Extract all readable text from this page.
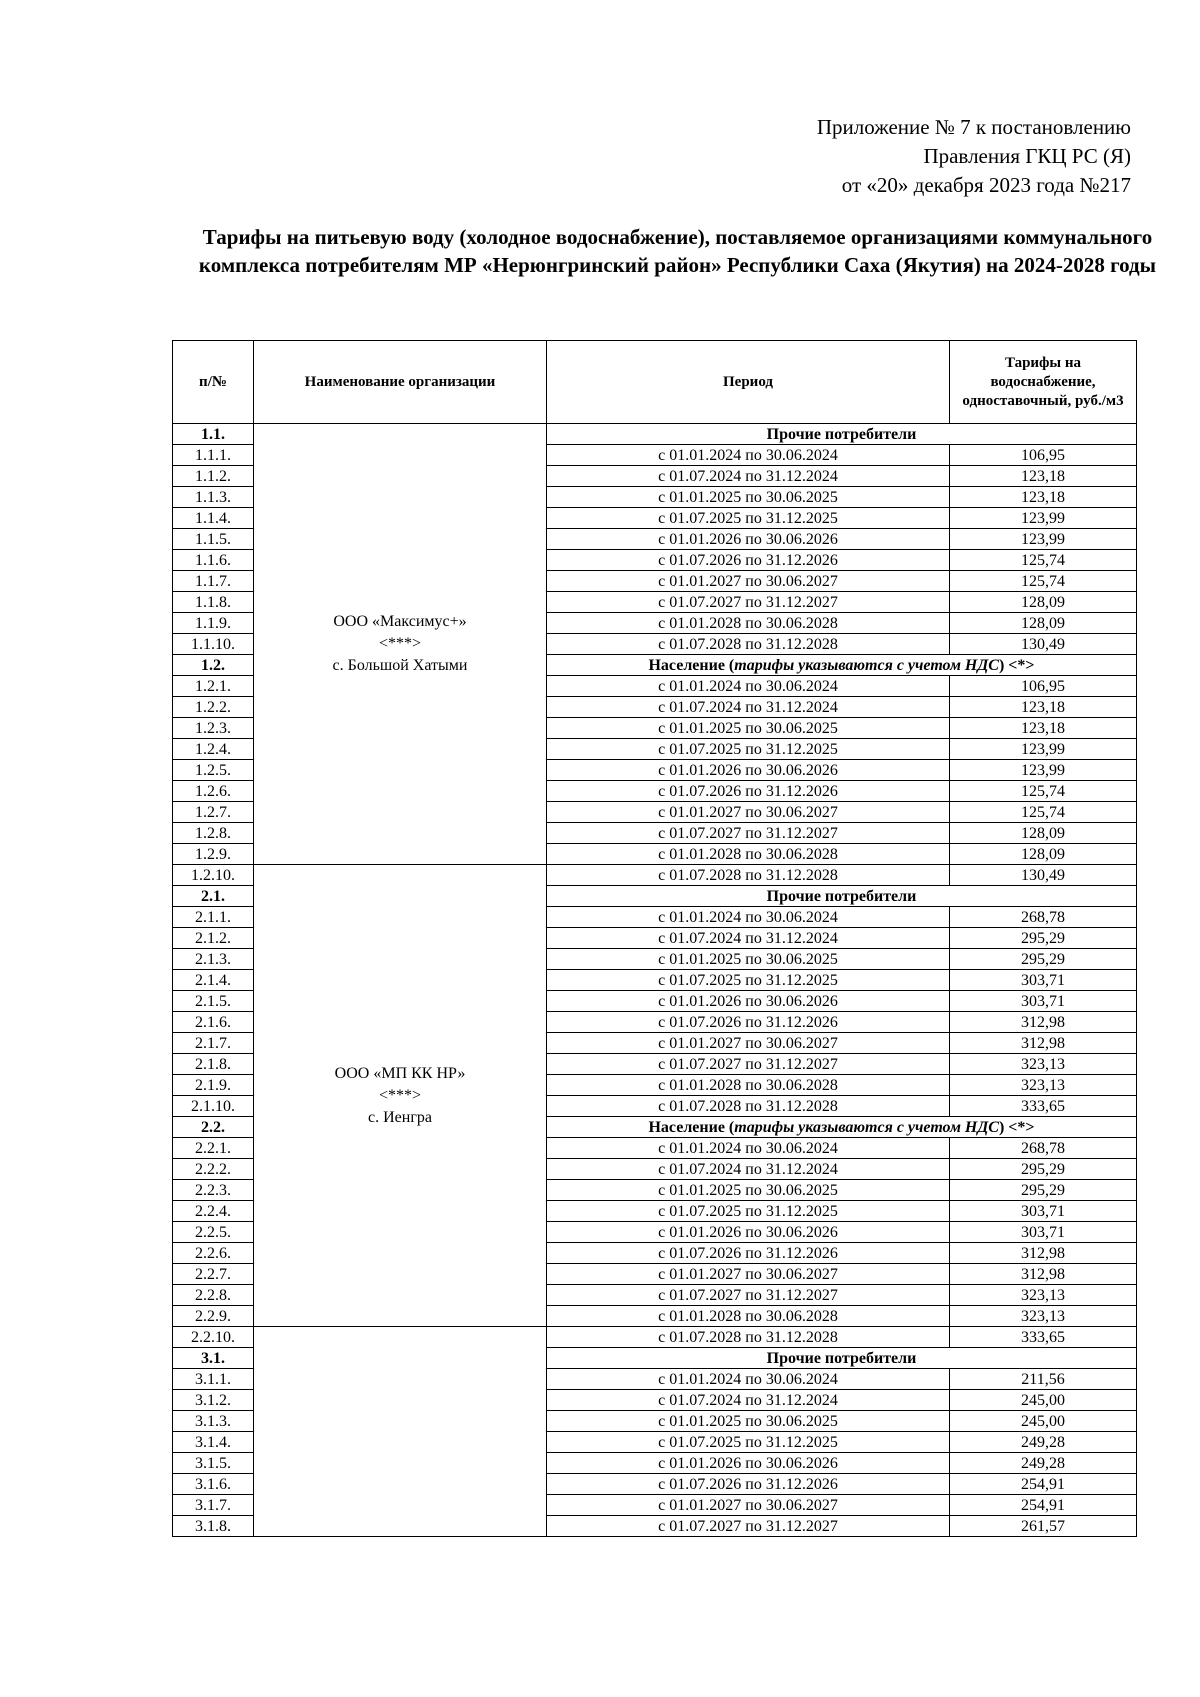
Приложение № 7 к постановлению
Правления ГКЦ РС (Я)
от «20» декабря 2023 года №217
Тарифы на питьевую воду (холодное водоснабжение), поставляемое организациями коммунального комплекса потребителям МР «Нерюнгринский район» Республики Саха (Якутия) на 2024-2028 годы
п/№	Наименование организации	Период	Тарифы на водоснабжение, одноставочный, руб./м3
1.1.	ООО «Максимус+»
<***>
с. Большой Хатыми	Прочие потребители	
1.1.1.		с 01.01.2024 по 30.06.2024	106,95
1.1.2.		с 01.07.2024 по 31.12.2024	123,18
1.1.3.		с 01.01.2025 по 30.06.2025	123,18
1.1.4.		с 01.07.2025 по 31.12.2025	123,99
1.1.5.		с 01.01.2026 по 30.06.2026	123,99
1.1.6.		с 01.07.2026 по 31.12.2026	125,74
1.1.7.		с 01.01.2027 по 30.06.2027	125,74
1.1.8.		с 01.07.2027 по 31.12.2027	128,09
1.1.9.		с 01.01.2028 по 30.06.2028	128,09
1.1.10.		с 01.07.2028 по 31.12.2028	130,49
1.2.		Население (тарифы указываются с учетом НДС) <*>	
1.2.1.		с 01.01.2024 по 30.06.2024	106,95
1.2.2.		с 01.07.2024 по 31.12.2024	123,18
1.2.3.		с 01.01.2025 по 30.06.2025	123,18
1.2.4.		с 01.07.2025 по 31.12.2025	123,99
1.2.5.		с 01.01.2026 по 30.06.2026	123,99
1.2.6.		с 01.07.2026 по 31.12.2026	125,74
1.2.7.		с 01.01.2027 по 30.06.2027	125,74
1.2.8.		с 01.07.2027 по 31.12.2027	128,09
1.2.9.		с 01.01.2028 по 30.06.2028	128,09
1.2.10.	ООО «МП КК НР»
<***>
с. Иенгра	с 01.07.2028 по 31.12.2028	130,49
2.1.		Прочие потребители	
2.1.1.		с 01.01.2024 по 30.06.2024	268,78
2.1.2.		с 01.07.2024 по 31.12.2024	295,29
2.1.3.		с 01.01.2025 по 30.06.2025	295,29
2.1.4.		с 01.07.2025 по 31.12.2025	303,71
2.1.5.		с 01.01.2026 по 30.06.2026	303,71
2.1.6.		с 01.07.2026 по 31.12.2026	312,98
2.1.7.		с 01.01.2027 по 30.06.2027	312,98
2.1.8.		с 01.07.2027 по 31.12.2027	323,13
2.1.9.		с 01.01.2028 по 30.06.2028	323,13
2.1.10.		с 01.07.2028 по 31.12.2028	333,65
2.2.		Население (тарифы указываются с учетом НДС) <*>	
2.2.1.		с 01.01.2024 по 30.06.2024	268,78
2.2.2.		с 01.07.2024 по 31.12.2024	295,29
2.2.3.		с 01.01.2025 по 30.06.2025	295,29
2.2.4.		с 01.07.2025 по 31.12.2025	303,71
2.2.5.		с 01.01.2026 по 30.06.2026	303,71
2.2.6.		с 01.07.2026 по 31.12.2026	312,98
2.2.7.		с 01.01.2027 по 30.06.2027	312,98
2.2.8.		с 01.07.2027 по 31.12.2027	323,13
2.2.9.		с 01.01.2028 по 30.06.2028	323,13
2.2.10.		с 01.07.2028 по 31.12.2028	333,65
3.1.		Прочие потребители	
3.1.1.		с 01.01.2024 по 30.06.2024	211,56
3.1.2.		с 01.07.2024 по 31.12.2024	245,00
3.1.3.		с 01.01.2025 по 30.06.2025	245,00
3.1.4.		с 01.07.2025 по 31.12.2025	249,28
3.1.5.		с 01.01.2026 по 30.06.2026	249,28
3.1.6.		с 01.07.2026 по 31.12.2026	254,91
3.1.7.		с 01.01.2027 по 30.06.2027	254,91
3.1.8.		с 01.07.2027 по 31.12.2027	261,57
